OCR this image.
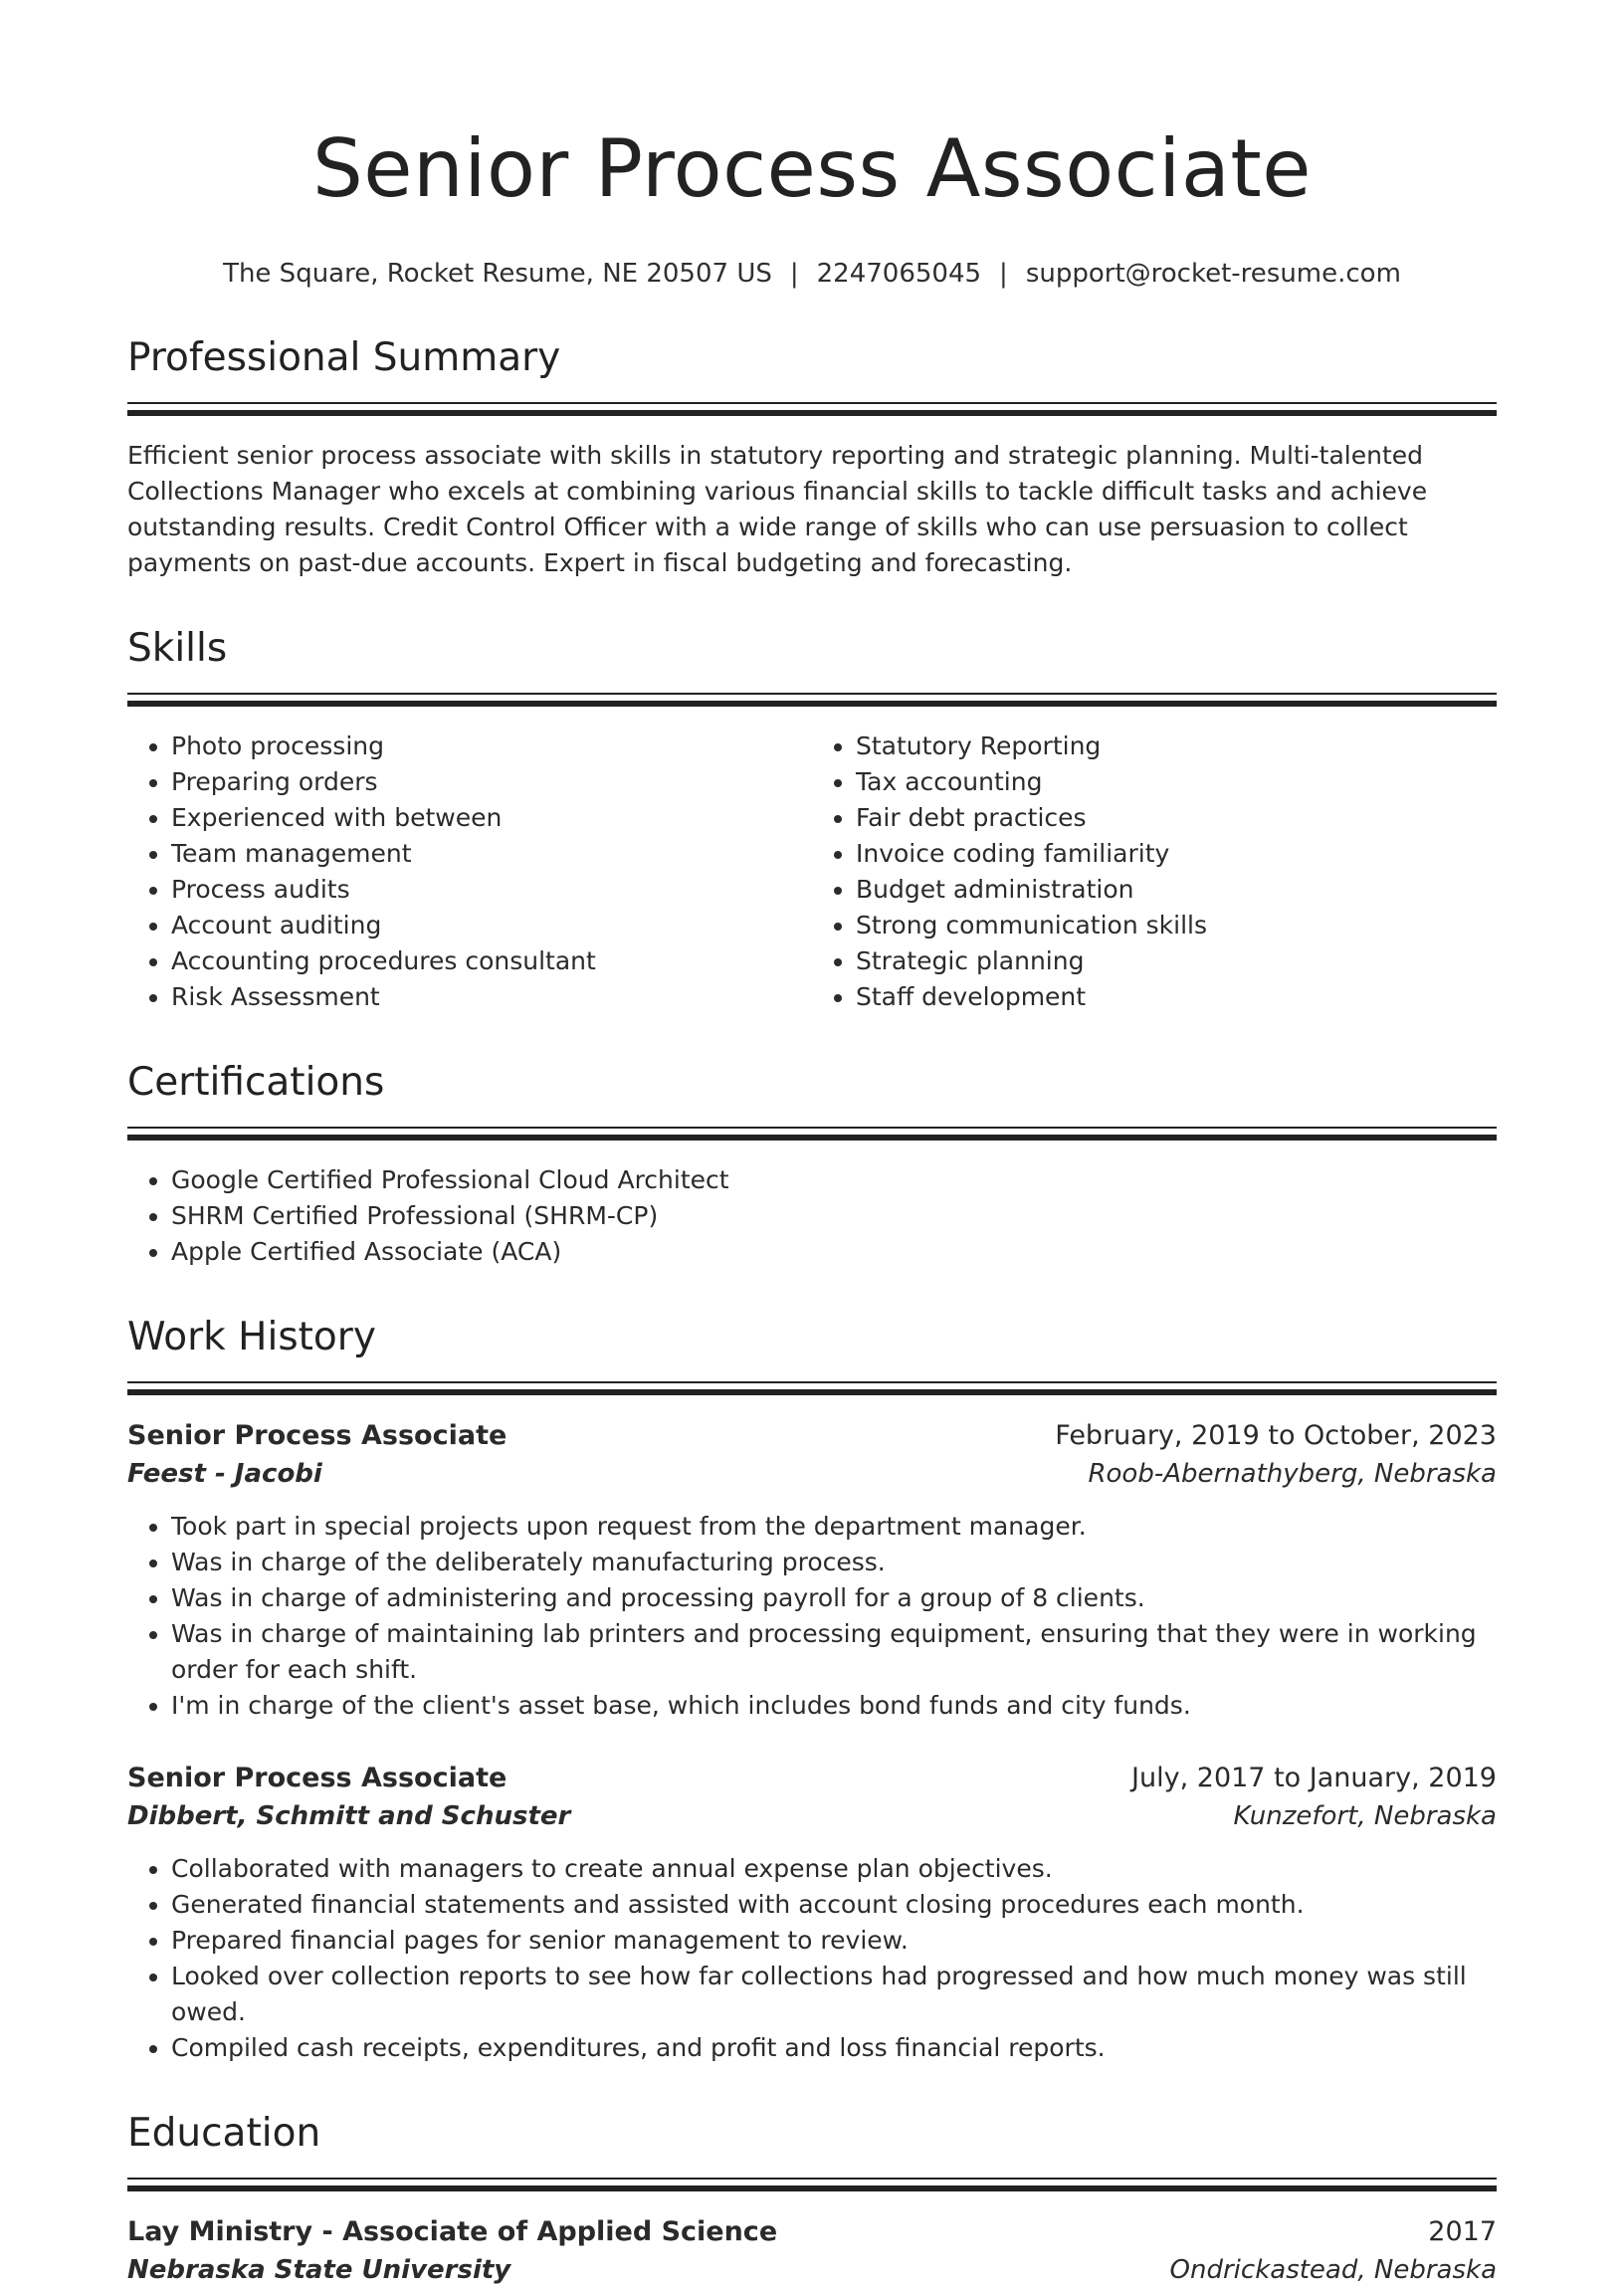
Senior Process Associate
The Square, Rocket Resume, NE 20507 US | 2247065045 | support@rocket-resume.com
Professional Summary

Efficient senior process associate with skills in statutory reporting and strategic planning. Multi-talented Collections Manager who excels at combining various financial skills to tackle difficult tasks and achieve outstanding results. Credit Control Officer with a wide range of skills who can use persuasion to collect payments on past-due accounts. Expert in fiscal budgeting and forecasting.

Skills
• Photo processing
• Preparing orders
• Experienced with between
• Team management
• Process audits
• Account auditing
• Accounting procedures consultant
• Risk Assessment
• Statutory Reporting
• Tax accounting
• Fair debt practices
• Invoice coding familiarity
• Budget administration
• Strong communication skills
• Strategic planning
• Staff development
Certifications
• Google Certified Professional Cloud Architect
• SHRM Certified Professional (SHRM-CP)
• Apple Certified Associate (ACA)
Work History
Senior Process Associate	February, 2019 to October, 2023
Feest - Jacobi	Roob-Abernathyberg, Nebraska
• Took part in special projects upon request from the department manager.
• Was in charge of the deliberately manufacturing process.
• Was in charge of administering and processing payroll for a group of 8 clients.
• Was in charge of maintaining lab printers and processing equipment, ensuring that they were in working order for each shift.
• I'm in charge of the client's asset base, which includes bond funds and city funds.
Senior Process Associate	July, 2017 to January, 2019
Dibbert, Schmitt and Schuster	Kunzefort, Nebraska
• Collaborated with managers to create annual expense plan objectives.
• Generated financial statements and assisted with account closing procedures each month.
• Prepared financial pages for senior management to review.
• Looked over collection reports to see how far collections had progressed and how much money was still owed.
• Compiled cash receipts, expenditures, and profit and loss financial reports.
Education
Lay Ministry - Associate of Applied Science	2017
Nebraska State University	Ondrickastead, Nebraska
